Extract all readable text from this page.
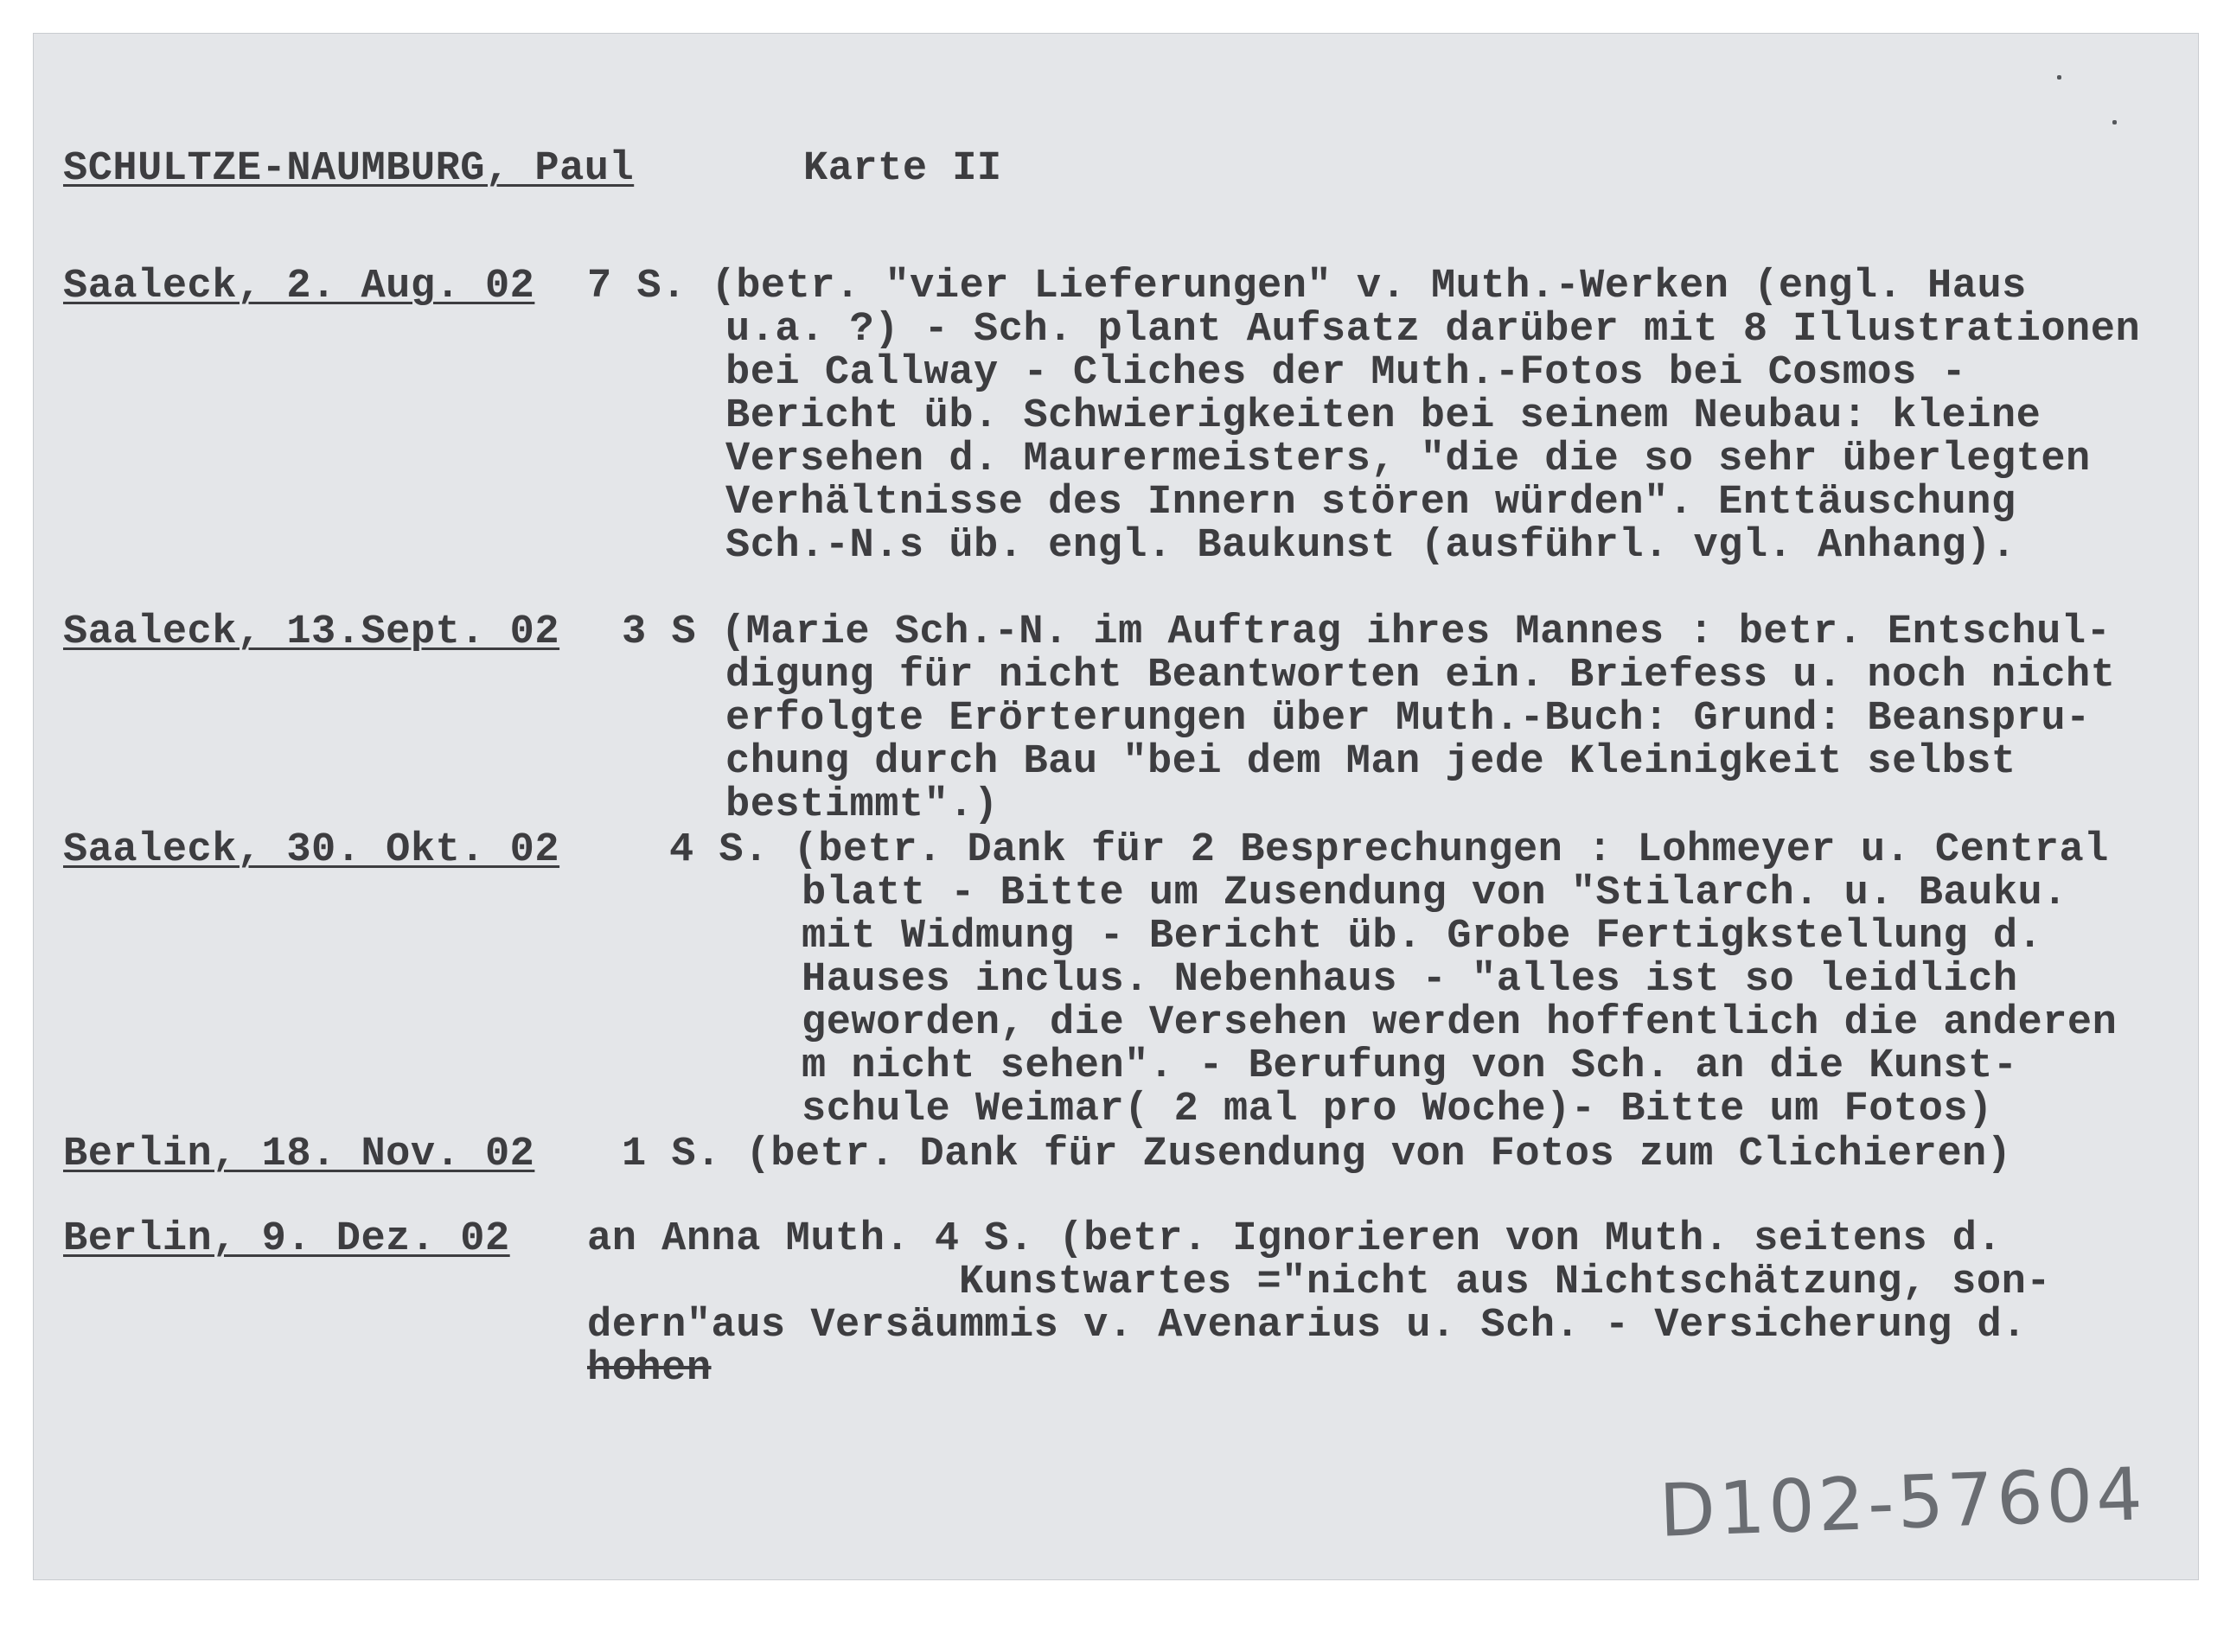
SCHULTZE-NAUMBURG, Paul	Karte II
Saaleck, 2. Aug. 02 7 S. (betr. "vier Lieferungen" v. Muth.-Werken (engl. Haus
u.a. ?) - Sch. plant Aufsatz darüber mit 8 Illustrationen
bei Callway - Cliches der Muth.-Fotos bei Cosmos -
Bericht üb. Schwierigkeiten bei seinem Neubau: kleine
Versehen d. Maurermeisters, "die die so sehr überlegten
Verhältnisse des Innern stören würden". Enttäuschung
Sch.-N.s üb. engl. Baukunst (ausführl. vgl. Anhang).
Saaleck, 13.Sept. 02 3 S (Marie Sch.-N. im Auftrag ihres Mannes : betr. Entschul-
digung für nicht Beantworten ein. Briefess u. noch nicht
erfolgte Erörterungen über Muth.-Buch: Grund: Beanspru-
chung durch Bau "bei dem Man jede Kleinigkeit selbst
bestimmt".)
Saaleck, 30. Okt. 02	4 S. (betr. Dank für 2 Besprechungen : Lohmeyer u. Central
blatt - Bitte um Zusendung von "Stilarch. u. Bauku.
mit Widmung - Bericht üb. Grobe Fertigkstellung d.
Hauses inclus. Nebenhaus - "alles ist so leidlich
geworden, die Versehen werden hoffentlich die anderen
m nicht sehen". - Berufung von Sch. an die Kunst-
schule Weimar( 2 mal pro Woche)- Bitte um Fotos)
Berlin, 18. Nov. 02 1 S. (betr. Dank für Zusendung von Fotos zum Clichieren)
Berlin, 9. Dez. 02 an Anna Muth. 4 S. (betr. Ignorieren von Muth. seitens d.
Kunstwartes ="nicht aus Nichtschätzung, son-
dern"aus Versäummis v. Avenarius u. Sch. - Versicherung d.
hohen
D102-57604
